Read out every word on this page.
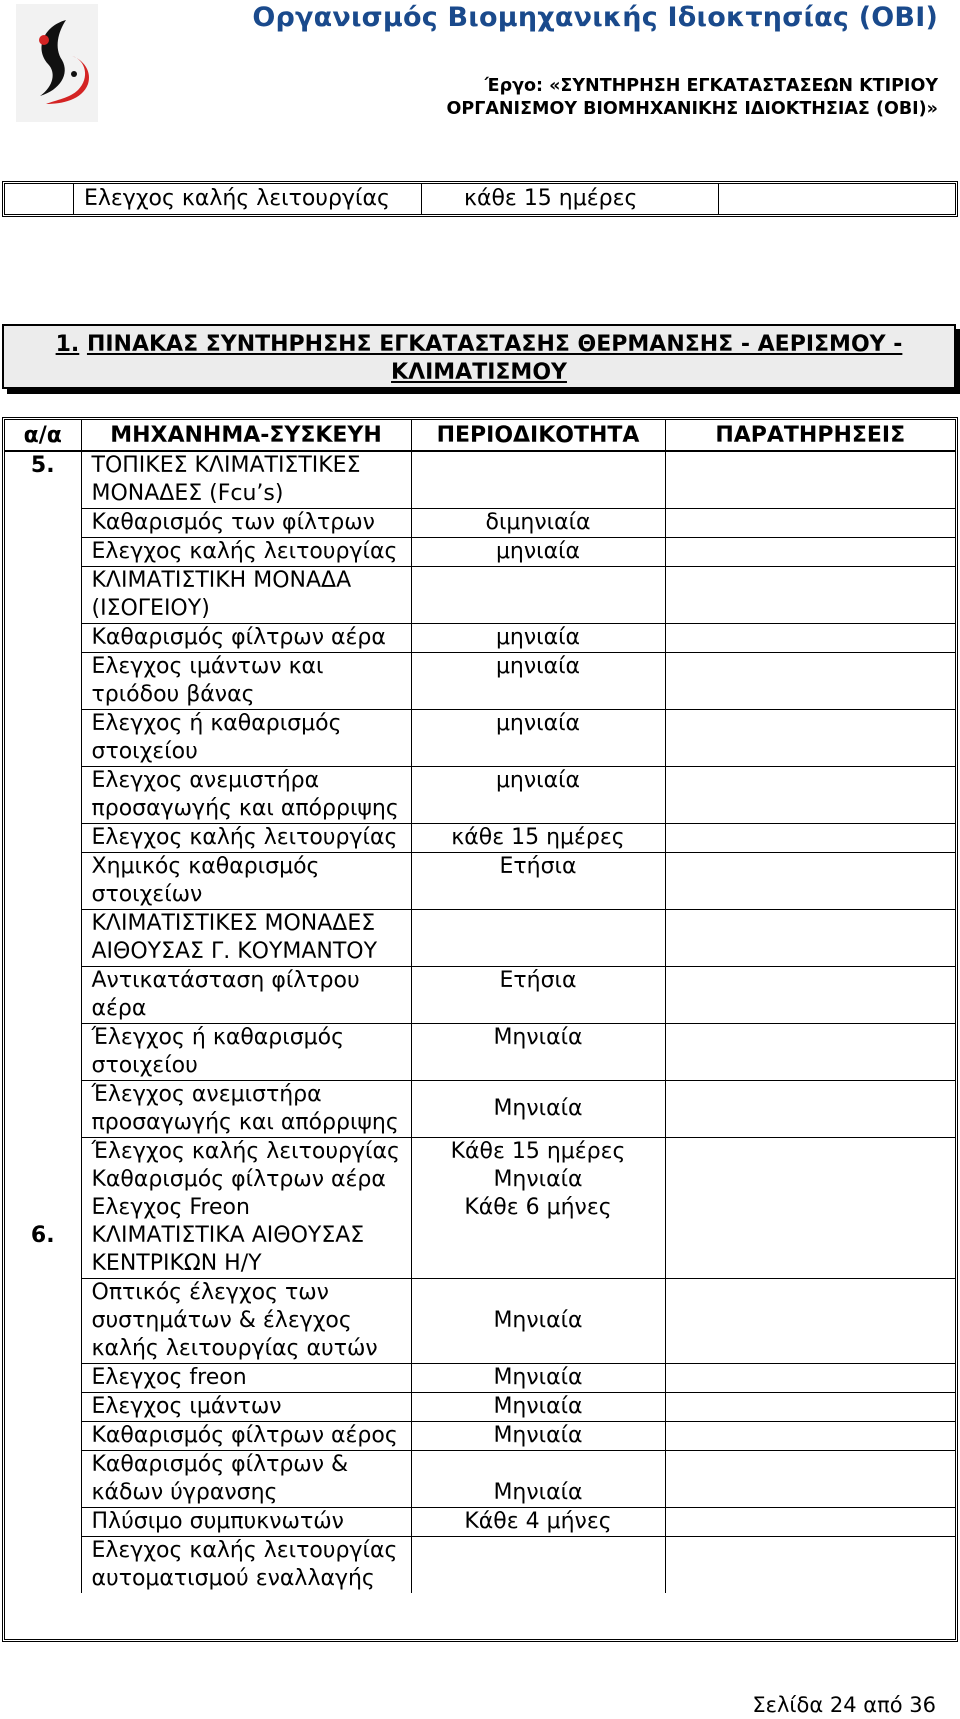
Οργανισμός Βιομηχανικής Ιδιοκτησίας (ΟΒΙ)
Έργο: «ΣΥΝΤΗΡΗΣΗ ΕΓΚΑΤΑΣΤΑΣΕΩΝ ΚΤΙΡΙΟΥ
ΟΡΓΑΝΙΣΜΟΥ ΒΙΟΜΗΧΑΝΙΚΗΣ ΙΔΙΟΚΤΗΣΙΑΣ (ΟΒΙ)»
	Ελεγχος καλής λειτουργίας	κάθε 15 ημέρες	
1. ΠΙΝΑΚΑΣ ΣΥΝΤΗΡΗΣΗΣ ΕΓΚΑΤΑΣΤΑΣΗΣ ΘΕΡΜΑΝΣΗΣ - ΑΕΡΙΣΜΟΥ -
ΚΛΙΜΑΤΙΣΜΟΥ
α/α	ΜΗΧΑΝΗΜΑ-ΣΥΣΚΕΥΗ	ΠΕΡΙΟΔΙΚΟΤΗΤΑ	ΠΑΡΑΤΗΡΗΣΕΙΣ
5.	ΤΟΠΙΚΕΣ ΚΛΙΜΑΤΙΣΤΙΚΕΣ ΜΟΝΑΔΕΣ (Fcu’s)		
	Καθαρισμός των φίλτρων	διμηνιαία	
	Ελεγχος καλής λειτουργίας	μηνιαία	
	ΚΛΙΜΑΤΙΣΤΙΚΗ ΜΟΝΑΔΑ (ΙΣΟΓΕΙΟΥ)		
	Καθαρισμός φίλτρων αέρα	μηνιαία	
	Ελεγχος ιμάντων και τριόδου βάνας	μηνιαία	
	Ελεγχος ή καθαρισμός στοιχείου	μηνιαία	
	Ελεγχος ανεμιστήρα προσαγωγής και απόρριψης	μηνιαία	
	Ελεγχος καλής λειτουργίας	κάθε 15 ημέρες	
	Χημικός καθαρισμός στοιχείων	Ετήσια	
	ΚΛΙΜΑΤΙΣΤΙΚΕΣ ΜΟΝΑΔΕΣ ΑΙΘΟΥΣΑΣ Γ. ΚΟΥΜΑΝΤΟΥ		
	Αντικατάσταση φίλτρου αέρα	Ετήσια	
	Έλεγχος ή καθαρισμός στοιχείου	Μηνιαία	
	Έλεγχος ανεμιστήρα προσαγωγής και απόρριψης	Μηνιαία	
	Έλεγχος καλής λειτουργίας	Κάθε 15 ημέρες	
	Καθαρισμός φίλτρων αέρα	Μηνιαία	
	Ελεγχος Freon	Κάθε 6 μήνες	
6.	ΚΛΙΜΑΤΙΣΤΙΚΑ ΑΙΘΟΥΣΑΣ ΚΕΝΤΡΙΚΩΝ Η/Υ		
	Οπτικός έλεγχος των συστημάτων & έλεγχος καλής λειτουργίας αυτών	Μηνιαία	
	Ελεγχος freon	Μηνιαία	
	Ελεγχος ιμάντων	Μηνιαία	
	Καθαρισμός φίλτρων αέρος	Μηνιαία	
	Καθαρισμός φίλτρων & κάδων ύγρανσης	Μηνιαία	
	Πλύσιμο συμπυκνωτών	Κάθε 4 μήνες	
	Ελεγχος καλής λειτουργίας αυτοματισμού εναλλαγής		
Σελίδα 24 από 36
